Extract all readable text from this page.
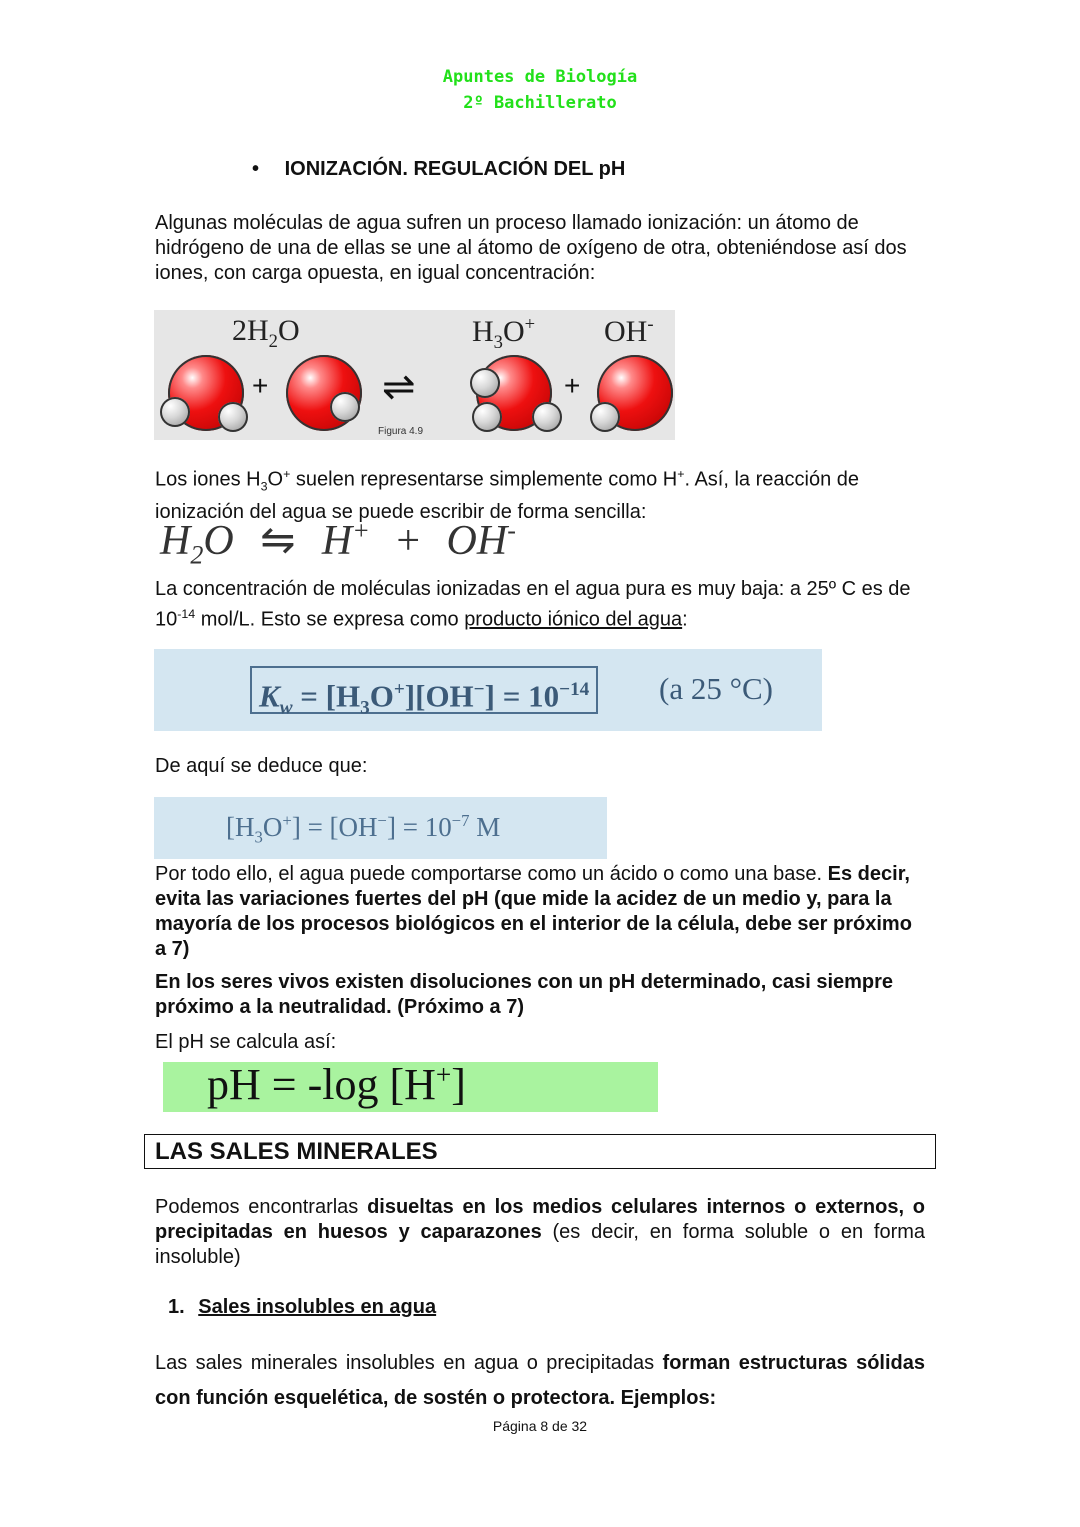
Apuntes de Biología
2º Bachillerato
• IONIZACIÓN. REGULACIÓN DEL pH
Algunas moléculas de agua sufren un proceso llamado ionización: un átomo de hidrógeno de una de ellas se une al átomo de oxígeno de otra, obteniéndose así dos iones, con carga opuesta, en igual concentración:
$2H_2O$	$H_3O^+$ OH-
+	⇌
Figura 4.9
+
Los iones $H_3O^+$ suelen representarse simplemente como H+. Así, la reacción de ionización del agua se puede escribir de forma sencilla:
$H_2O$ ⇋ H+ + OH-
La concentración de moléculas ionizadas en el agua pura es muy baja: a 25º C es de $10^{-14}$ mol/L. Esto se expresa como producto iónico del agua:
$K_w = [H_3O^+][OH^-] = 10^{-14}$ (a 25 °C)
De aquí se deduce que:
$[H_3O^+] = [OH^-] = 10^{-7}$ M
Por todo ello, el agua puede comportarse como un ácido o como una base. Es decir, evita las variaciones fuertes del pH (que mide la acidez de un medio y, para la mayoría de los procesos biológicos en el interior de la célula, debe ser próximo a 7)
En los seres vivos existen disoluciones con un pH determinado, casi siempre próximo a la neutralidad. (Próximo a 7)
El pH se calcula así:
pH = -log [H+]
LAS SALES MINERALES
Podemos encontrarlas disueltas en los medios celulares internos o externos, o precipitadas en huesos y caparazones (es decir, en forma soluble o en forma insoluble)
1. Sales insolubles en agua
Las sales minerales insolubles en agua o precipitadas forman estructuras sólidas con función esquelética, de sostén o protectora. Ejemplos:
Página 8 de 32
